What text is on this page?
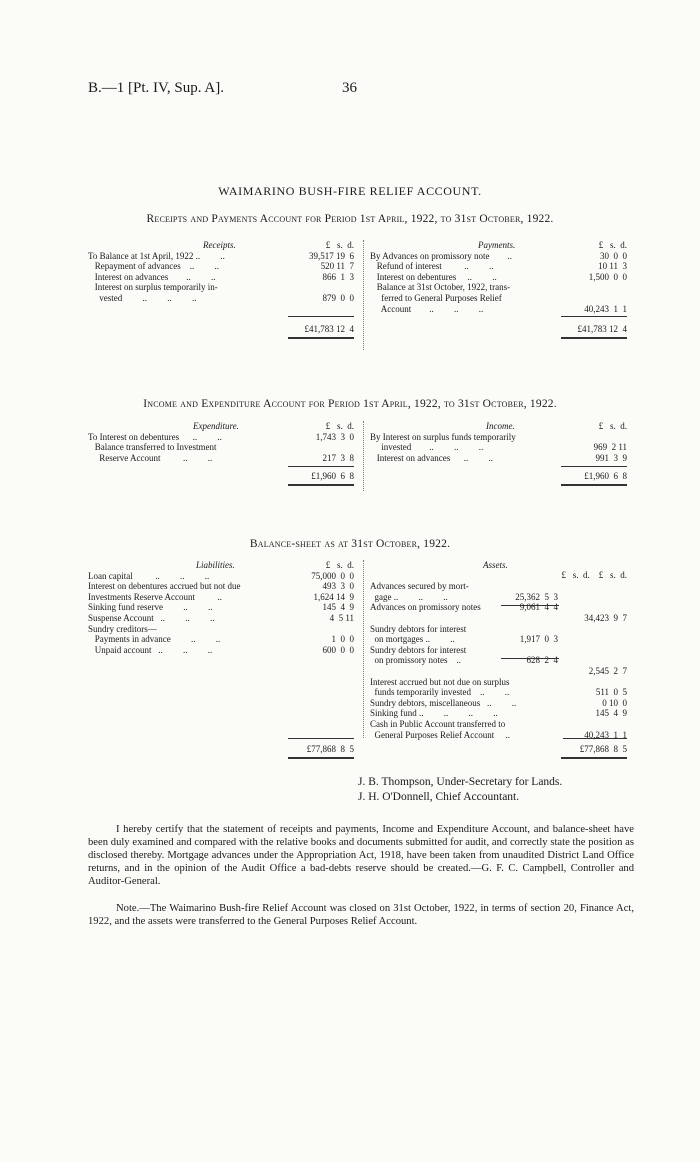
B.—1 [Pt. IV, Sup. A].	36
WAIMARINO BUSH-FIRE RELIEF ACCOUNT.
Receipts and Payments Account for Period 1st April, 1922, to 31st October, 1922.
Receipts.	£   s.  d.	Payments.	£   s.  d.
To Balance at 1st April, 1922 ..         ..	39,517 19  6
Repayment of advances    ..         ..	520 11  7
Interest on advances        ..         ..	866  1  3
Interest on surplus temporarily in-
vested         ..         ..         ..	879  0  0
By Advances on promissory note        ..	30  0  0
Refund of interest          ..         ..	10 11  3
Interest on debentures     ..         ..	1,500  0  0
Balance at 31st October, 1922, trans-
ferred to General Purposes Relief
Account        ..         ..         ..	40,243  1  1
£41,783 12  4	£41,783 12  4
Income and Expenditure Account for Period 1st April, 1922, to 31st October, 1922.
Expenditure.	£   s.  d.	Income.	£   s.  d.
To Interest on debentures      ..         ..	1,743  3  0
Balance transferred to Investment
Reserve Account          ..         ..	217  3  8
By Interest on surplus funds temporarily
invested        ..         ..         ..	969  2 11
Interest on advances      ..         ..	991  3  9
£1,960  6  8	£1,960  6  8
Balance-sheet as at 31st October, 1922.
Liabilities.	£   s.  d.	Assets.
£   s.  d.    £   s.  d.
Loan capital          ..         ..         ..	75,000  0  0
Interest on debentures accrued but not due	493  3  0
Investments Reserve Account          ..	1,624 14  9
Sinking fund reserve         ..         ..	145  4  9
Suspense Account   ..         ..         ..	4  5 11
Sundry creditors—
Payments in advance         ..         ..	1  0  0
Unpaid account   ..         ..         ..	600  0  0
Advances secured by mort-
gage ..         ..         ..	25,362  5  3
Advances on promissory notes	9,061  4  4
34,423  9  7
Sundry debtors for interest
on mortgages ..         ..	1,917  0  3
Sundry debtors for interest
on promissory notes    ..	628  2  4
2,545  2  7
Interest accrued but not due on surplus
funds temporarily invested    ..         ..	511  0  5
Sundry debtors, miscellaneous   ..         ..	0 10  0
Sinking fund ..         ..         ..         ..	145  4  9
Cash in Public Account transferred to
General Purposes Relief Account     ..	40,243  1  1
£77,868  8  5	£77,868  8  5
J. B. Thompson, Under-Secretary for Lands.
J. H. O'Donnell, Chief Accountant.
I hereby certify that the statement of receipts and payments, Income and Expenditure Account, and balance-sheet have been duly examined and compared with the relative books and documents submitted for audit, and correctly state the position as disclosed thereby. Mortgage advances under the Appropriation Act, 1918, have been taken from unaudited District Land Office returns, and in the opinion of the Audit Office a bad-debts reserve should be created.—G. F. C. Campbell, Controller and Auditor-General.
Note.—The Waimarino Bush-fire Relief Account was closed on 31st October, 1922, in terms of section 20, Finance Act, 1922, and the assets were transferred to the General Purposes Relief Account.
